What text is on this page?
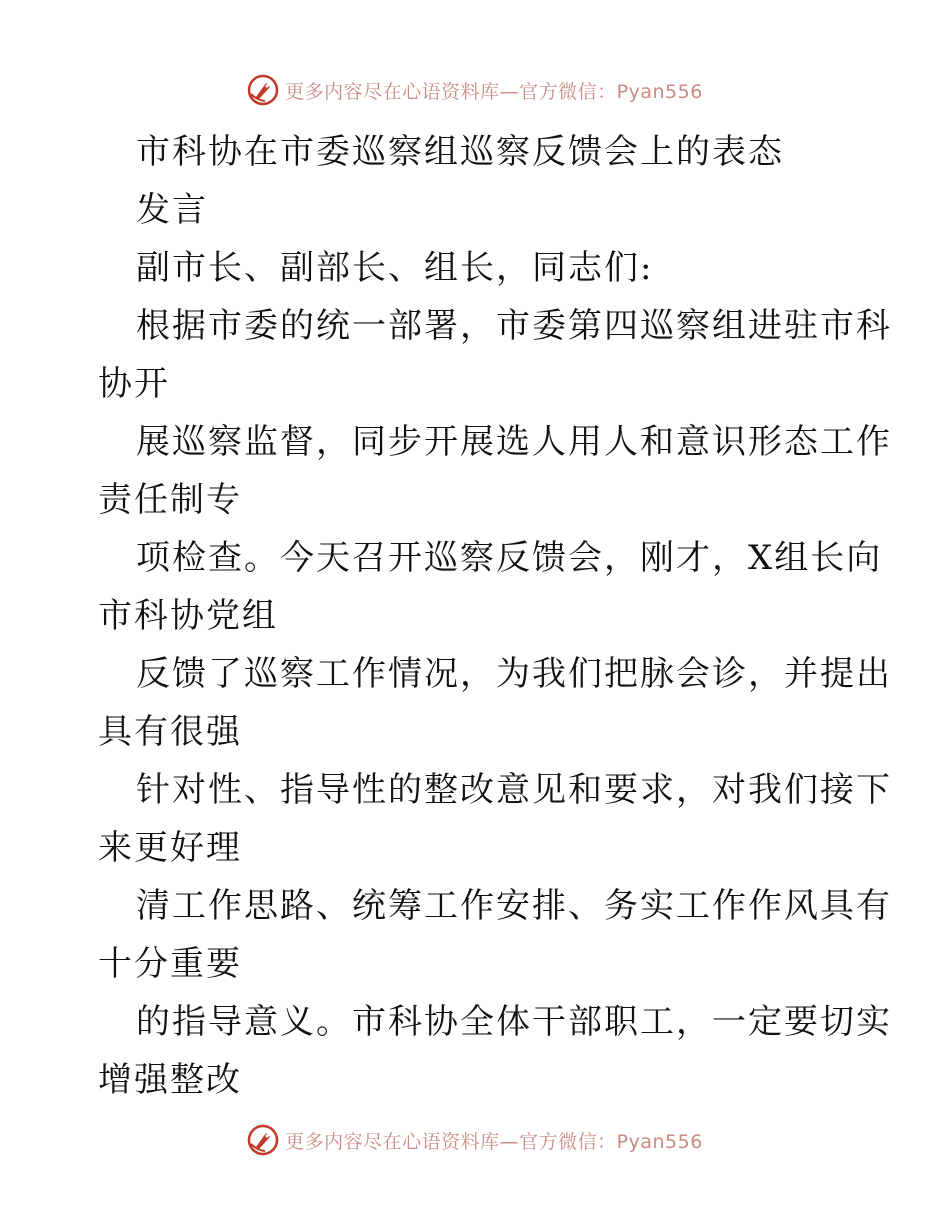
更多内容尽在心语资料库—官方微信：Pyan556
市科协在市委巡察组巡察反馈会上的表态
发言
副市长、副部长、组长，同志们:
根据市委的统一部署，市委第四巡察组进驻市科
协开
展巡察监督，同步开展选人用人和意识形态工作
责任制专
项检查。今天召开巡察反馈会，刚才，X组长向
市科协党组
反馈了巡察工作情况，为我们把脉会诊，并提出
具有很强
针对性、指导性的整改意见和要求，对我们接下
来更好理
清工作思路、统筹工作安排、务实工作作风具有
十分重要
的指导意义。市科协全体干部职工，一定要切实
增强整改
更多内容尽在心语资料库—官方微信：Pyan556
